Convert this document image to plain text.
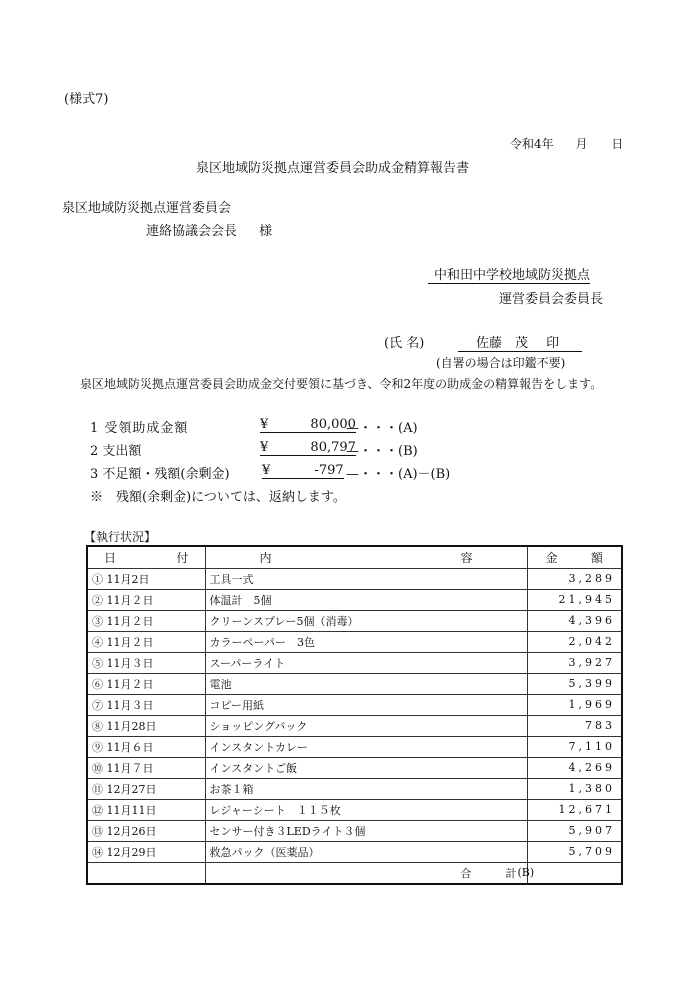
(様式7)
令和4年 月 日
泉区地域防災拠点運営委員会助成金精算報告書
泉区地域防災拠点運営委員会
連絡協議会会長 様
中和田中学校地域防災拠点
運営委員会委員長
(氏 名)	佐藤　茂 印
(自署の場合は印鑑不要)
泉区地域防災拠点運営委員会助成金交付要領に基づき、令和2年度の助成金の精算報告をします。
1 受領助成金額	¥	80,000
—・・・(A)
2 支出額	¥	80,797
—・・・(B)
3 不足額・残額(余剰金) ¥	-797 —・・・(A)－(B)
※　残額(余剰金)については、返納します。
【執行状況】
日 付	内 容	金 額

① 11月2日	工具一式	3,289
② 11月２日	体温計　5個	21,945
③ 11月２日	クリーンスプレー5個（消毒）	4,396
④ 11月２日	カラーペーパー　3色	2,042
⑤ 11月３日	スーパーライト	3,927
⑥ 11月２日	電池	5,399
⑦ 11月３日	コピー用紙	1,969
⑧ 11月28日	ショッピングバック	783
⑨ 11月６日	インスタントカレー	7,110
⑩ 11月７日	インスタントご飯	4,269
⑪ 12月27日	お茶１箱	1,380
⑫ 11月11日	レジャーシート　１１５枚	12,671
⑬ 12月26日	センサー付き３LEDライト３個	5,907
⑭ 12月29日	救急パック（医薬品）	5,709

	合 計	(B)
